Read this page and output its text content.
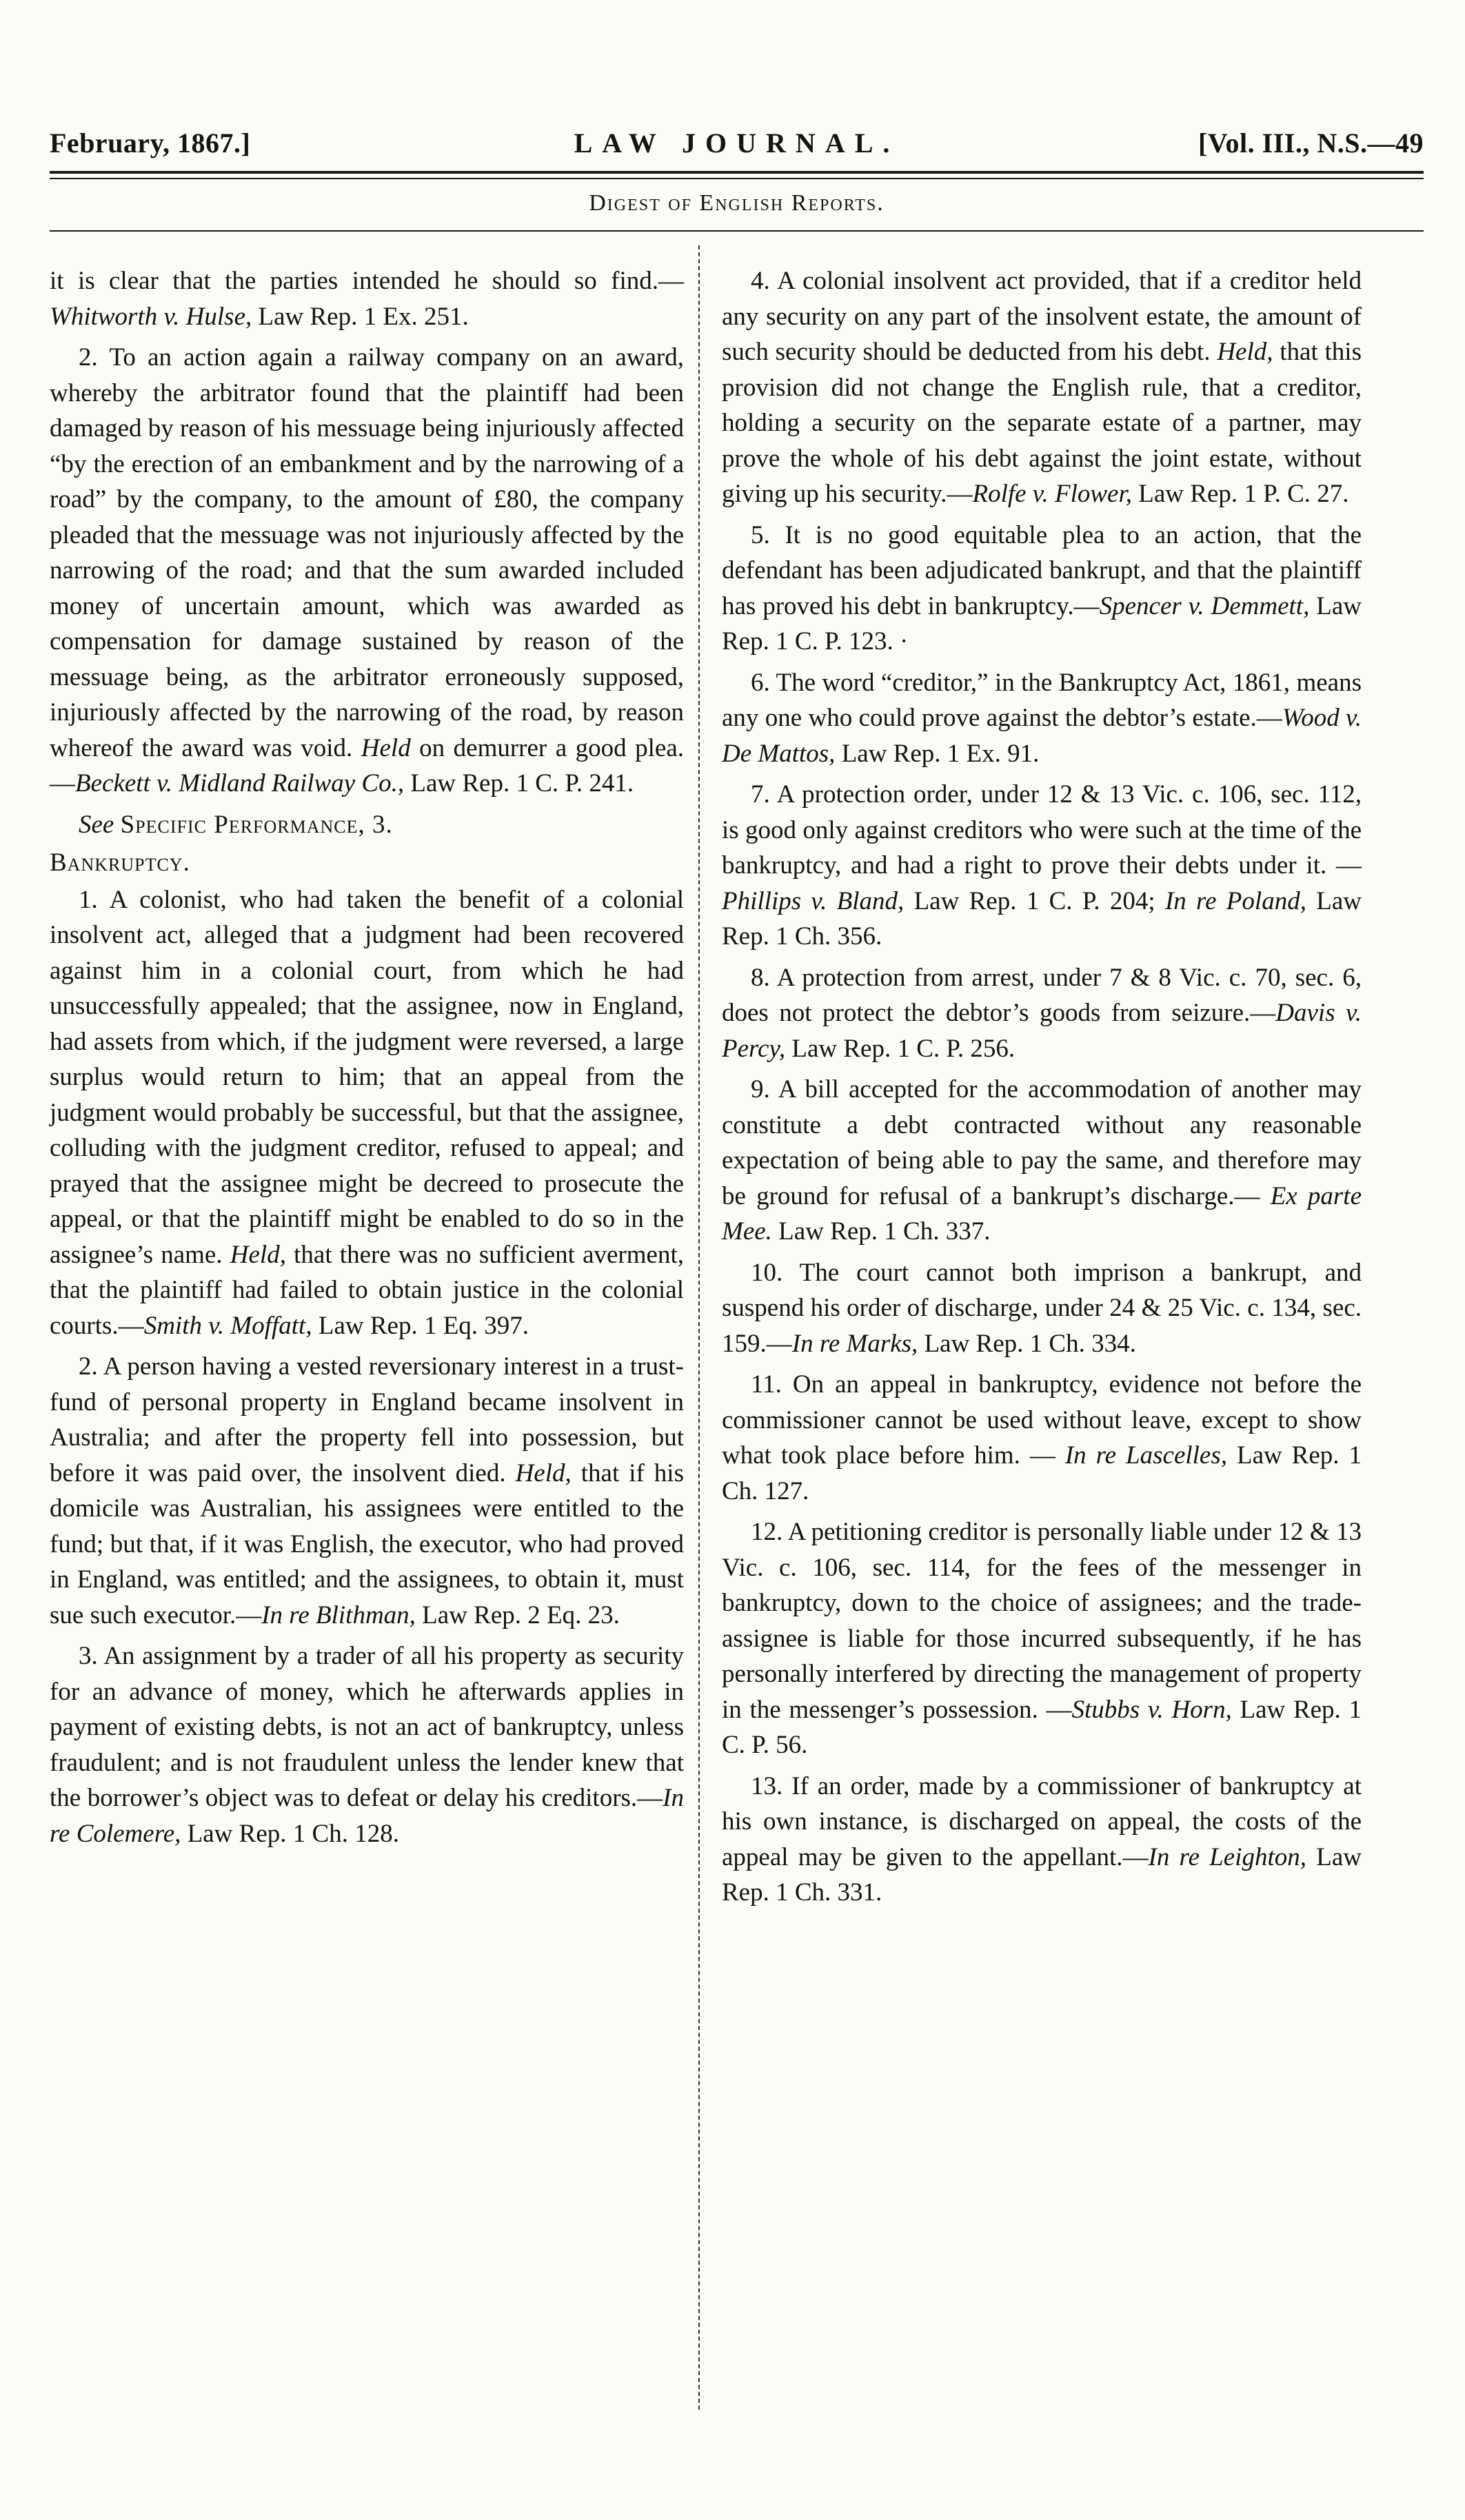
February, 1867.]	LAW JOURNAL.	[Vol. III., N.S.—49
Digest of English Reports.

it is clear that the parties intended he should so find.—Whitworth v. Hulse, Law Rep. 1 Ex. 251.

2. To an action again a railway company on an award, whereby the arbitrator found that the plaintiff had been damaged by reason of his messuage being injuriously affected “by the erection of an embankment and by the narrowing of a road” by the company, to the amount of £80, the company pleaded that the messuage was not injuriously affected by the narrowing of the road; and that the sum awarded included money of uncertain amount, which was awarded as compensation for damage sustained by reason of the messuage being, as the arbitrator erroneously supposed, injuriously affected by the narrowing of the road, by reason whereof the award was void. Held on demurrer a good plea.—Beckett v. Midland Railway Co., Law Rep. 1 C. P. 241.

See Specific Performance, 3.

Bankruptcy.

1. A colonist, who had taken the benefit of a colonial insolvent act, alleged that a judgment had been recovered against him in a colonial court, from which he had unsuccessfully appealed; that the assignee, now in England, had assets from which, if the judgment were reversed, a large surplus would return to him; that an appeal from the judgment would probably be successful, but that the assignee, colluding with the judgment creditor, refused to appeal; and prayed that the assignee might be decreed to prosecute the appeal, or that the plaintiff might be enabled to do so in the assignee’s name. Held, that there was no sufficient averment, that the plaintiff had failed to obtain justice in the colonial courts.—Smith v. Moffatt, Law Rep. 1 Eq. 397.

2. A person having a vested reversionary interest in a trust-fund of personal property in England became insolvent in Australia; and after the property fell into possession, but before it was paid over, the insolvent died. Held, that if his domicile was Australian, his assignees were entitled to the fund; but that, if it was English, the executor, who had proved in England, was entitled; and the assignees, to obtain it, must sue such executor.—In re Blithman, Law Rep. 2 Eq. 23.

3. An assignment by a trader of all his property as security for an advance of money, which he afterwards applies in payment of existing debts, is not an act of bankruptcy, unless fraudulent; and is not fraudulent unless the lender knew that the borrower’s object was to defeat or delay his creditors.—In re Colemere, Law Rep. 1 Ch. 128.

4. A colonial insolvent act provided, that if a creditor held any security on any part of the insolvent estate, the amount of such security should be deducted from his debt. Held, that this provision did not change the English rule, that a creditor, holding a security on the separate estate of a partner, may prove the whole of his debt against the joint estate, without giving up his security.—Rolfe v. Flower, Law Rep. 1 P. C. 27.

5. It is no good equitable plea to an action, that the defendant has been adjudicated bankrupt, and that the plaintiff has proved his debt in bankruptcy.—Spencer v. Demmett, Law Rep. 1 C. P. 123. ·

6. The word “creditor,” in the Bankruptcy Act, 1861, means any one who could prove against the debtor’s estate.—Wood v. De Mattos, Law Rep. 1 Ex. 91.

7. A protection order, under 12 & 13 Vic. c. 106, sec. 112, is good only against creditors who were such at the time of the bankruptcy, and had a right to prove their debts under it. —Phillips v. Bland, Law Rep. 1 C. P. 204; In re Poland, Law Rep. 1 Ch. 356.

8. A protection from arrest, under 7 & 8 Vic. c. 70, sec. 6, does not protect the debtor’s goods from seizure.—Davis v. Percy, Law Rep. 1 C. P. 256.

9. A bill accepted for the accommodation of another may constitute a debt contracted without any reasonable expectation of being able to pay the same, and therefore may be ground for refusal of a bankrupt’s discharge.— Ex parte Mee. Law Rep. 1 Ch. 337.

10. The court cannot both imprison a bankrupt, and suspend his order of discharge, under 24 & 25 Vic. c. 134, sec. 159.—In re Marks, Law Rep. 1 Ch. 334.

11. On an appeal in bankruptcy, evidence not before the commissioner cannot be used without leave, except to show what took place before him. — In re Lascelles, Law Rep. 1 Ch. 127.

12. A petitioning creditor is personally liable under 12 & 13 Vic. c. 106, sec. 114, for the fees of the messenger in bankruptcy, down to the choice of assignees; and the trade-assignee is liable for those incurred subsequently, if he has personally interfered by directing the management of property in the messenger’s possession. —Stubbs v. Horn, Law Rep. 1 C. P. 56.

13. If an order, made by a commissioner of bankruptcy at his own instance, is discharged on appeal, the costs of the appeal may be given to the appellant.—In re Leighton, Law Rep. 1 Ch. 331.
